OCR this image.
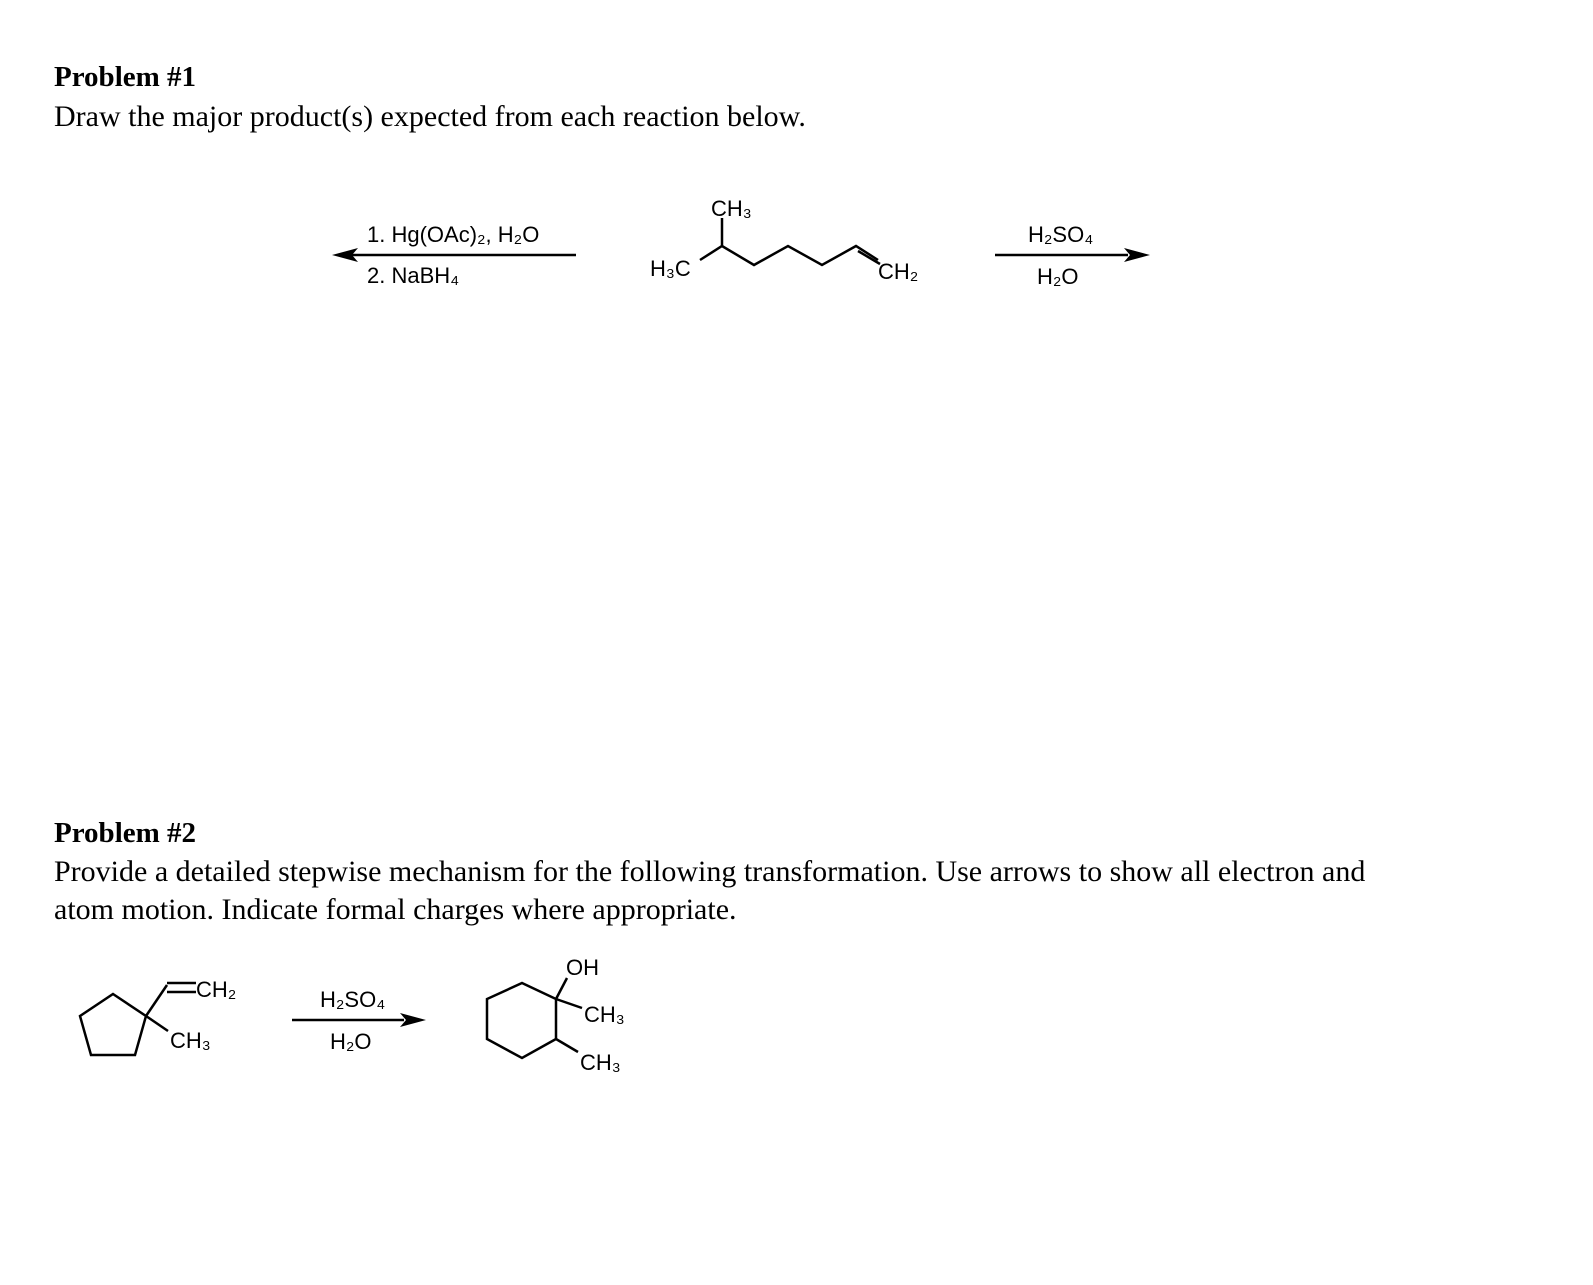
Problem #1

Draw the major product(s) expected from each reaction below.

Problem #2

Provide a detailed stepwise mechanism for the following transformation. Use arrows to show all electron and

atom motion. Indicate formal charges where appropriate.

1. Hg(OAc)₂, H₂O
2. NaBH₄
CH₃
H₃C	CH₂
H₂SO₄
H₂O
CH₂
CH₃
H₂SO₄
H₂O
OH
CH₃
CH₃
